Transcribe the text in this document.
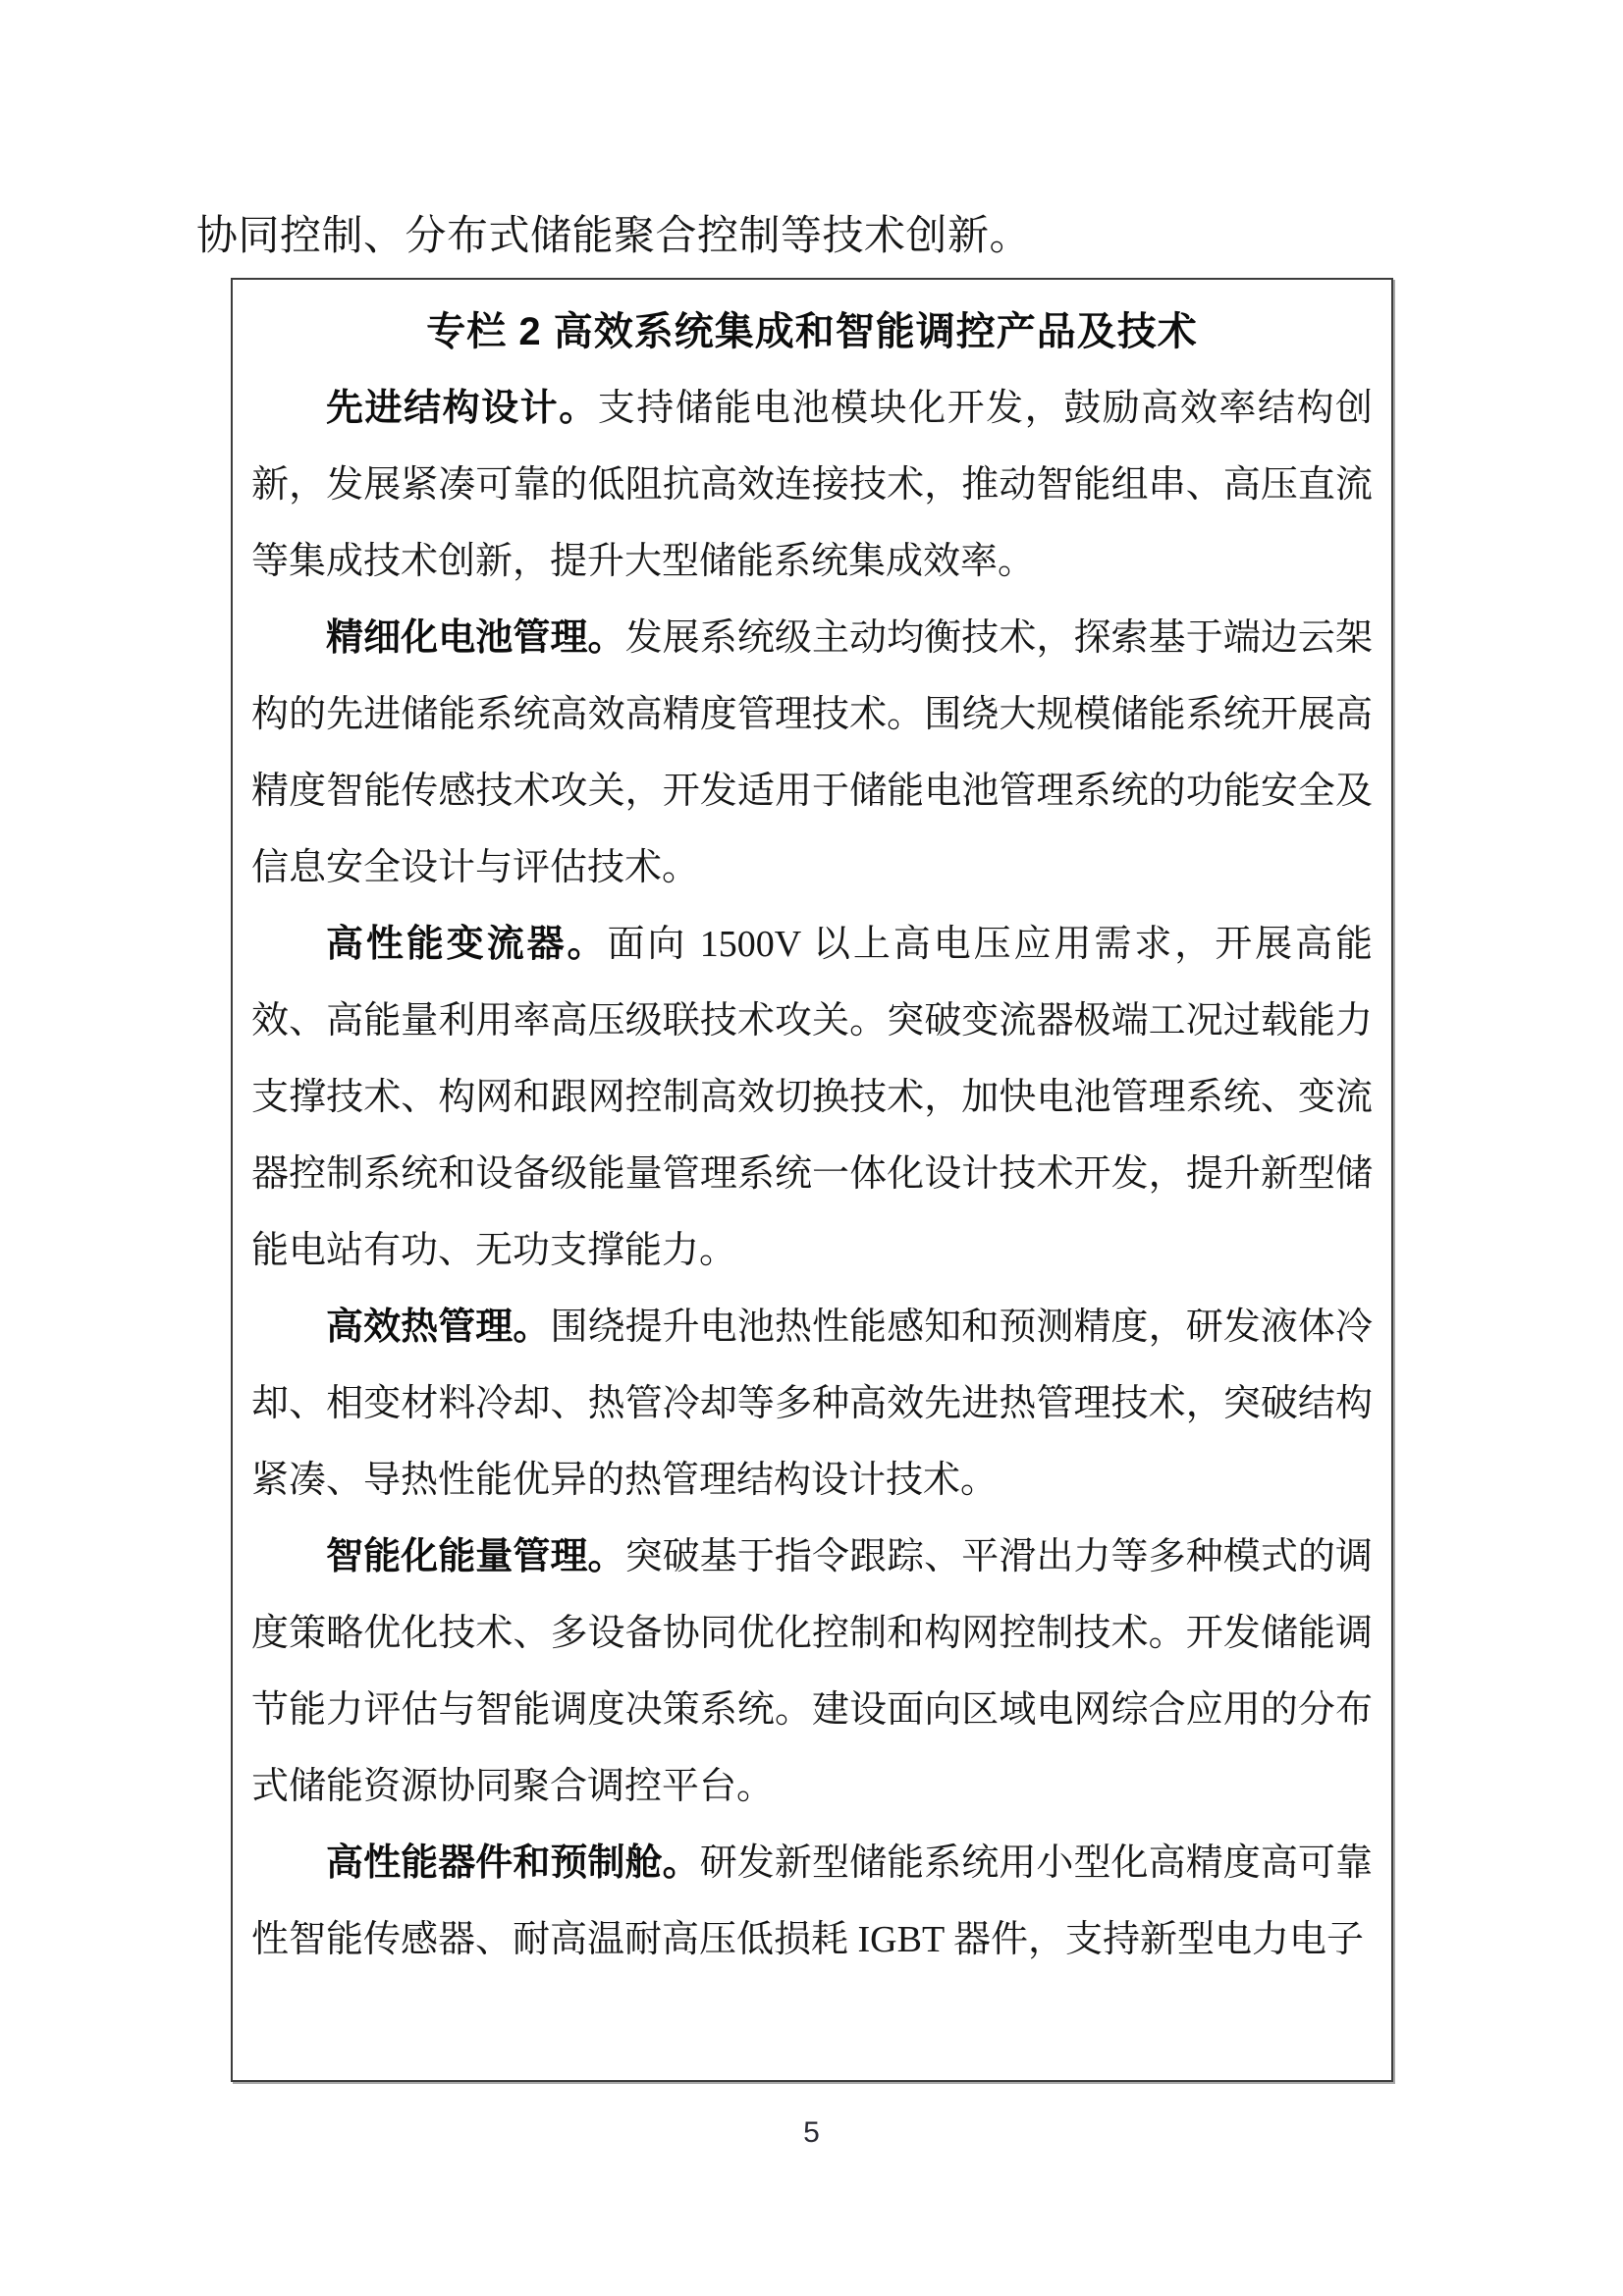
协同控制、分布式储能聚合控制等技术创新。

专栏 2 高效系统集成和智能调控产品及技术

先进结构设计。支持储能电池模块化开发，鼓励高效率结构创新，发展紧凑可靠的低阻抗高效连接技术，推动智能组串、高压直流等集成技术创新，提升大型储能系统集成效率。

精细化电池管理。发展系统级主动均衡技术，探索基于端边云架构的先进储能系统高效高精度管理技术。围绕大规模储能系统开展高精度智能传感技术攻关，开发适用于储能电池管理系统的功能安全及信息安全设计与评估技术。

高性能变流器。面向 1500V 以上高电压应用需求，开展高能效、高能量利用率高压级联技术攻关。突破变流器极端工况过载能力支撑技术、构网和跟网控制高效切换技术，加快电池管理系统、变流器控制系统和设备级能量管理系统一体化设计技术开发，提升新型储能电站有功、无功支撑能力。

高效热管理。围绕提升电池热性能感知和预测精度，研发液体冷却、相变材料冷却、热管冷却等多种高效先进热管理技术，突破结构紧凑、导热性能优异的热管理结构设计技术。

智能化能量管理。突破基于指令跟踪、平滑出力等多种模式的调度策略优化技术、多设备协同优化控制和构网控制技术。开发储能调节能力评估与智能调度决策系统。建设面向区域电网综合应用的分布式储能资源协同聚合调控平台。

高性能器件和预制舱。研发新型储能系统用小型化高精度高可靠性智能传感器、耐高温耐高压低损耗 IGBT 器件，支持新型电力电子

5
